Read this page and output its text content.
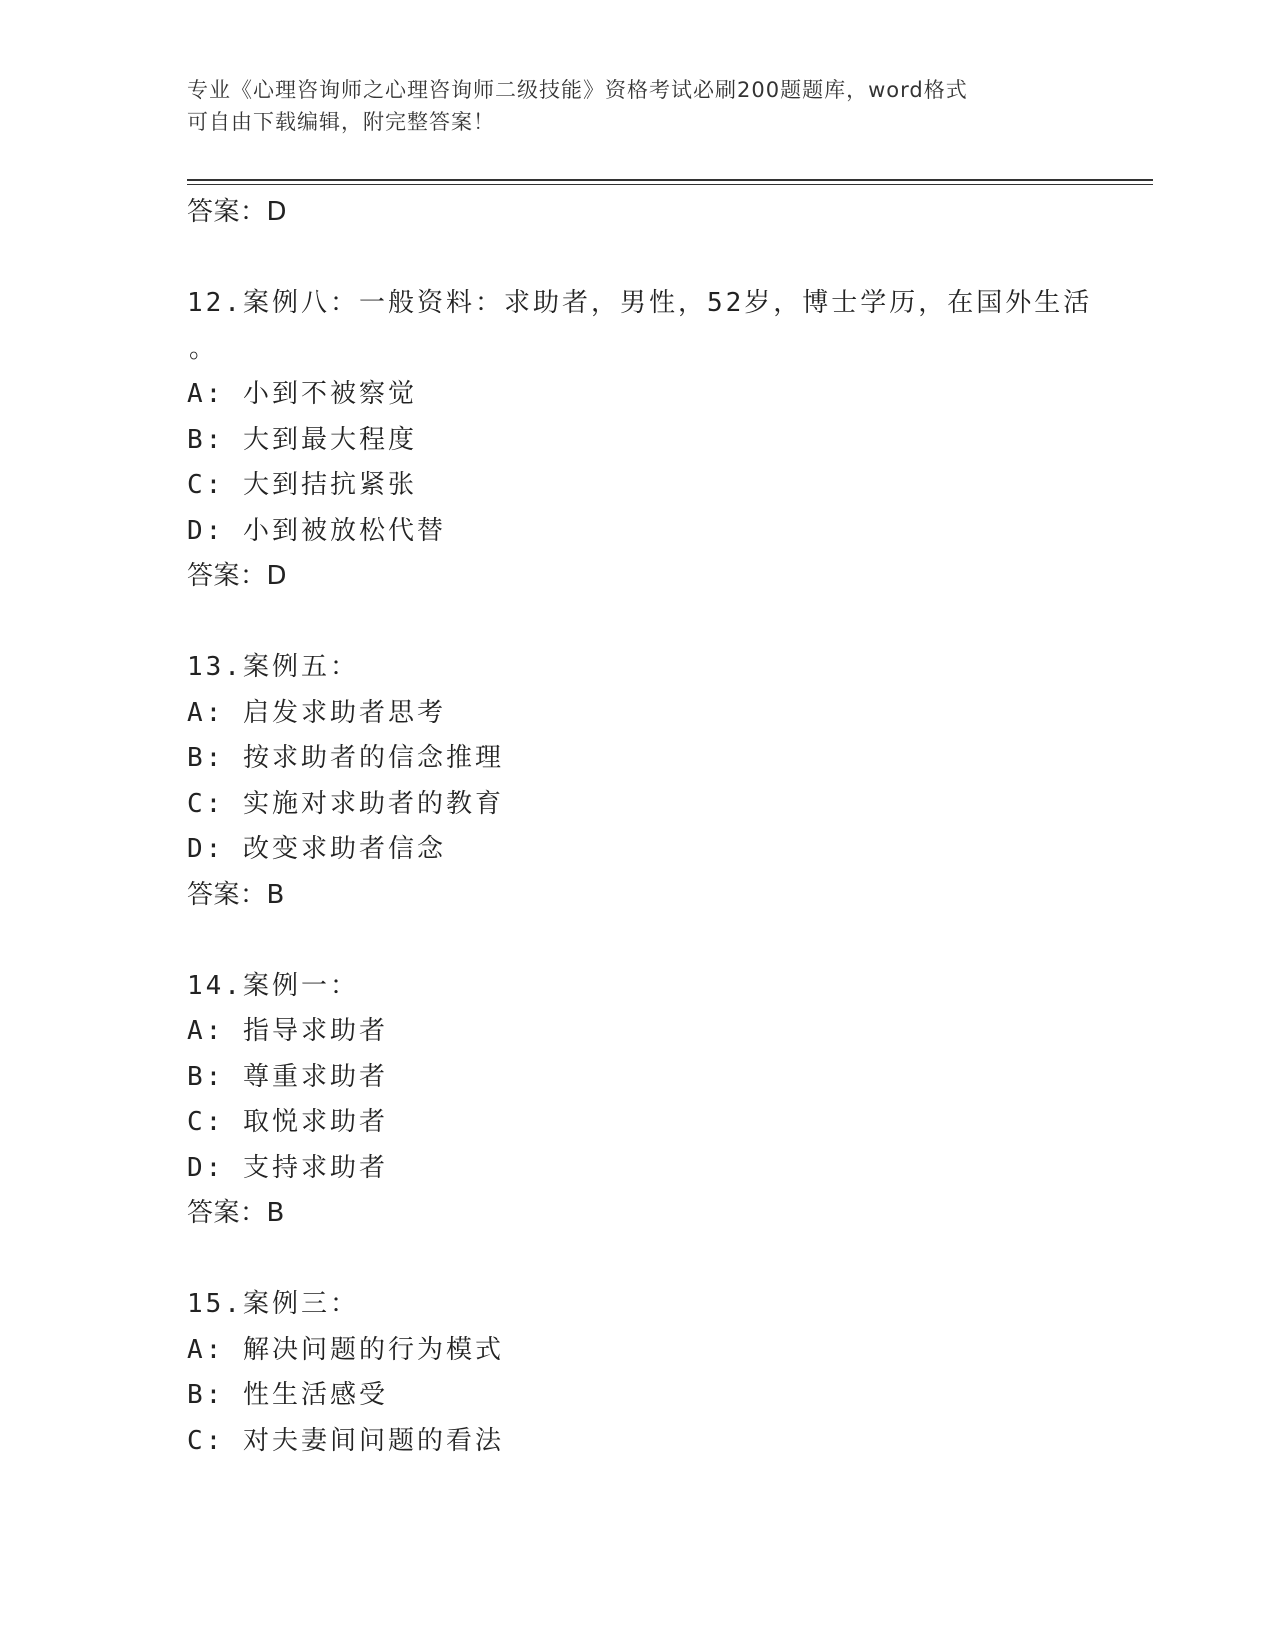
专业《心理咨询师之心理咨询师二级技能》资格考试必刷200题题库，word格式
可自由下载编辑，附完整答案！
答案：D
12.案例八：一般资料：求助者，男性，52岁，博士学历，在国外生活
。
A: 小到不被察觉
B: 大到最大程度
C: 大到拮抗紧张
D: 小到被放松代替
答案：D
13.案例五：
A: 启发求助者思考
B: 按求助者的信念推理
C: 实施对求助者的教育
D: 改变求助者信念
答案：B
14.案例一：
A: 指导求助者
B: 尊重求助者
C: 取悦求助者
D: 支持求助者
答案：B
15.案例三：
A: 解决问题的行为模式
B: 性生活感受
C: 对夫妻间问题的看法
